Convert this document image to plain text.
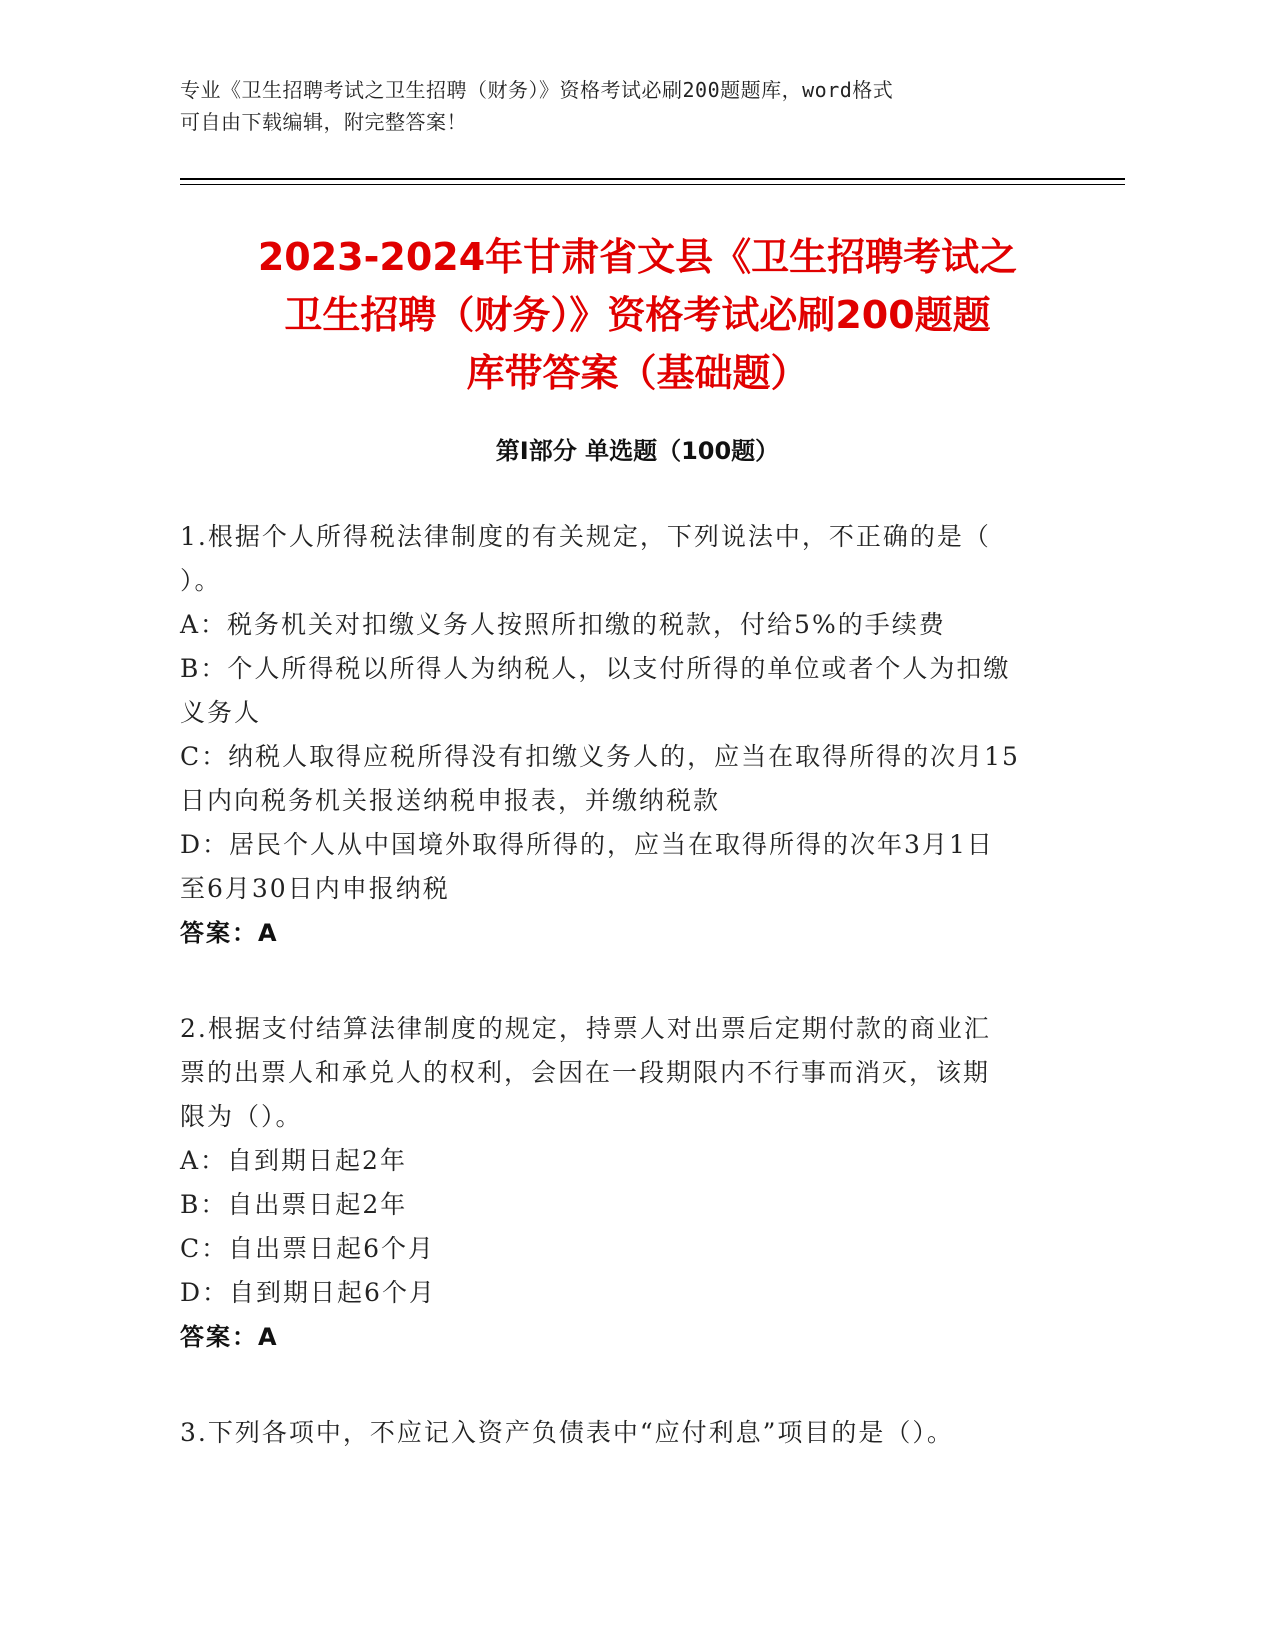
专业《卫生招聘考试之卫生招聘（财务）》资格考试必刷200题题库，word格式
可自由下载编辑，附完整答案！
2023-2024年甘肃省文县《卫生招聘考试之
卫生招聘（财务）》资格考试必刷200题题
库带答案（基础题）
第Ⅰ部分 单选题（100题）

1.根据个人所得税法律制度的有关规定，下列说法中，不正确的是（

）。

A：税务机关对扣缴义务人按照所扣缴的税款，付给5%的手续费

B：个人所得税以所得人为纳税人，以支付所得的单位或者个人为扣缴

义务人

C：纳税人取得应税所得没有扣缴义务人的，应当在取得所得的次月15

日内向税务机关报送纳税申报表，并缴纳税款

D：居民个人从中国境外取得所得的，应当在取得所得的次年3月1日

至6月30日内申报纳税

答案：A

2.根据支付结算法律制度的规定，持票人对出票后定期付款的商业汇

票的出票人和承兑人的权利，会因在一段期限内不行事而消灭，该期

限为（）。

A：自到期日起2年

B：自出票日起2年

C：自出票日起6个月

D：自到期日起6个月

答案：A

3.下列各项中，不应记入资产负债表中“应付利息”项目的是（）。
